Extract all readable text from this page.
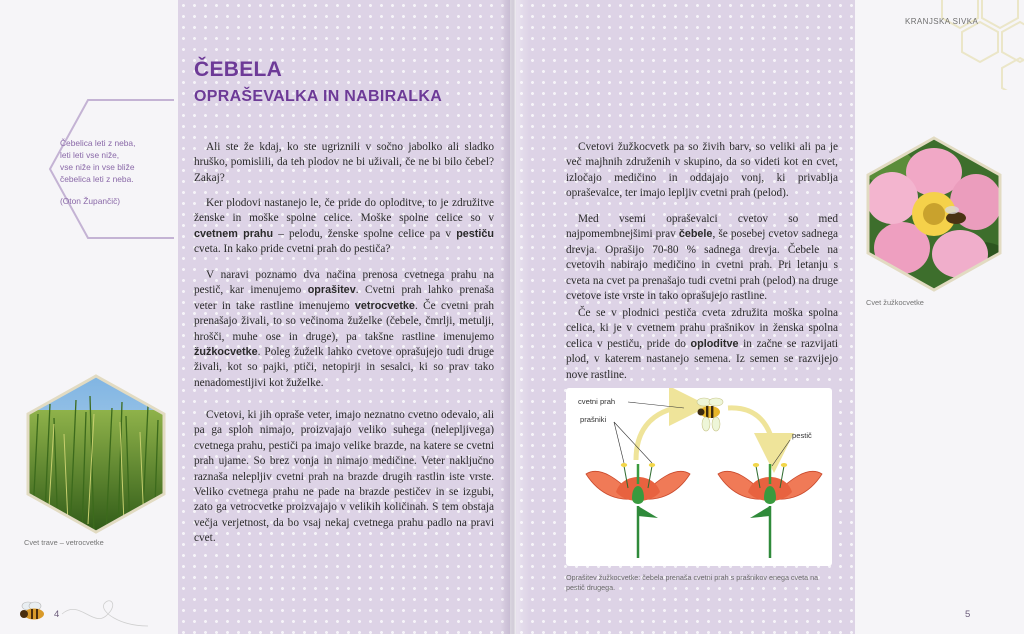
KRANJSKA SIVKA
Čebelica leti z neba,
leti leti vse niže,
vse niže in vse bliže
čebelica leti z neba.
(Oton Župančič)
Cvet trave – vetrocvetke
Cvet žužkocvetke
ČEBELA
OPRAŠEVALKA IN NABIRALKA

Ali ste že kdaj, ko ste ugriznili v sočno jabolko ali sladko hruško, pomislili, da teh plodov ne bi uživali, če ne bi bilo čebel? Zakaj?

Ker plodovi nastanejo le, če pride do oploditve, to je združitve ženske in moške spolne celice. Moške spolne celice so v cvetnem prahu – pelodu, ženske spolne celice pa v pestiču cveta. In kako pride cvetni prah do pestiča?

V naravi poznamo dva načina prenosa cvetnega prahu na pestič, kar imenujemo oprašitev. Cvetni prah lahko prenaša veter in take rastline imenujemo vetrocvetke. Če cvetni prah prenašajo živali, to so večinoma žuželke (čebele, čmrlji, metulji, hrošči, muhe ose in druge), pa takšne rastline imenujemo žužkocvetke. Poleg žuželk lahko cvetove oprašujejo tudi druge živali, kot so pajki, ptiči, netopirji in sesalci, ki so prav tako nenadomestljivi kot žuželke.

Cvetovi, ki jih opraše veter, imajo neznatno cvetno odevalo, ali pa ga sploh nimajo, proizvajajo veliko suhega (nelepljivega) cvetnega prahu, pestiči pa imajo velike brazde, na katere se cvetni prah ujame. So brez vonja in nimajo medičine. Veter naključno raznaša nelepljiv cvetni prah na brazde drugih rastlin iste vrste. Veliko cvetnega prahu ne pade na brazde pestičev in se izgubi, zato ga vetrocvetke proizvajajo v velikih količinah. S tem obstaja večja verjetnost, da bo vsaj nekaj cvetnega prahu padlo na pravi cvet.

Cvetovi žužkocvetk pa so živih barv, so veliki ali pa je več majhnih združenih v skupino, da so videti kot en cvet, izločajo medičino in oddajajo vonj, ki privablja opraševalce, ter imajo lepljiv cvetni prah (pelod).

Med vsemi opraševalci cvetov so med najpomembnejšimi prav čebele, še posebej cvetov sadnega drevja. Oprašijo 70-80 % sadnega drevja. Čebele na cvetovih nabirajo medičino in cvetni prah. Pri letanju s cveta na cvet pa prenašajo tudi cvetni prah (pelod) na druge cvetove iste vrste in tako oprašujejo rastline.

Če se v plodnici pestiča cveta združita moška spolna celica, ki je v cvetnem prahu prašnikov in ženska spolna celica v pestiču, pride do oploditve in začne se razvijati plod, v katerem nastanejo semena. Iz semen se razvijejo nove rastline.

cvetni prah
prašniki
pestič
Oprašitev žužkocvetke: čebela prenaša cvetni prah s prašnikov enega cveta na pestič drugega.
4	5
